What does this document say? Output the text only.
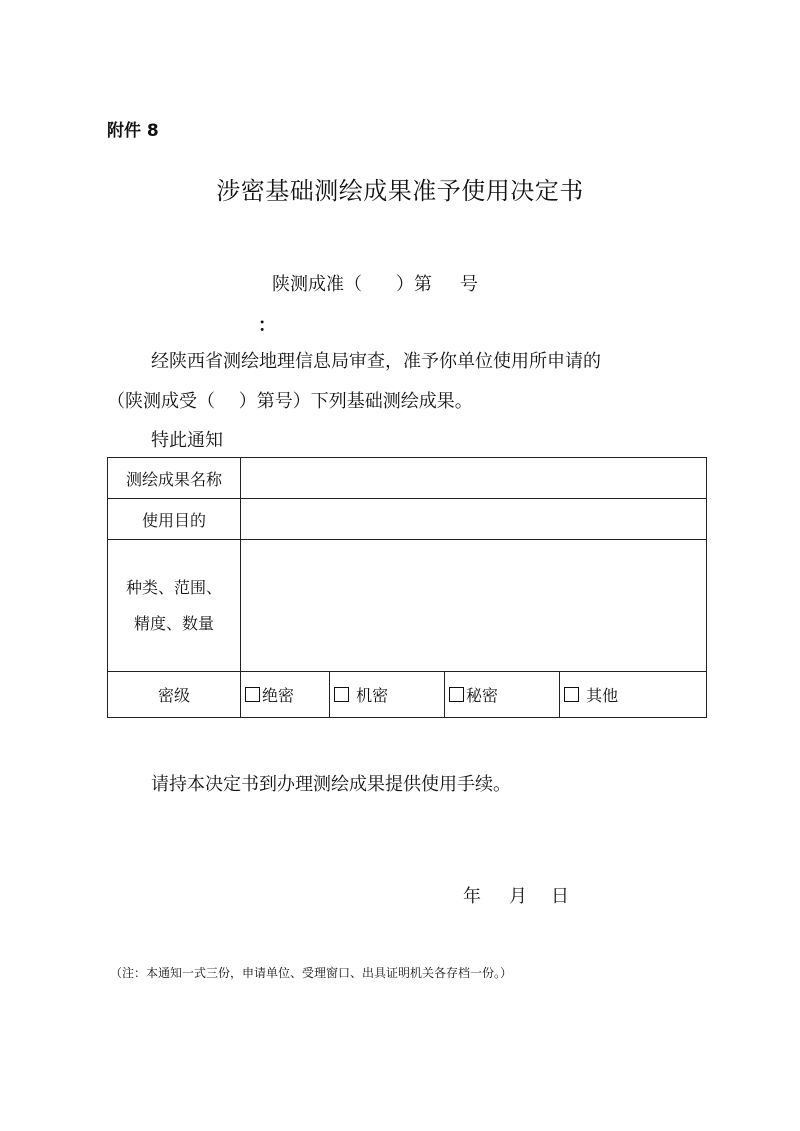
附件 8
涉密基础测绘成果准予使用决定书
陕测成准（ ）第 号
：
经陕西省测绘地理信息局审查，准予你单位使用所申请的
（陕测成受（　 ）第号）下列基础测绘成果。
特此通知
测绘成果名称				
使用目的				

种类、范围、
精度、数量				

密级	绝密	机密	秘密	其他
请持本决定书到办理测绘成果提供使用手续。
年 月 日
（注：本通知一式三份，申请单位、受理窗口、出具证明机关各存档一份。）
